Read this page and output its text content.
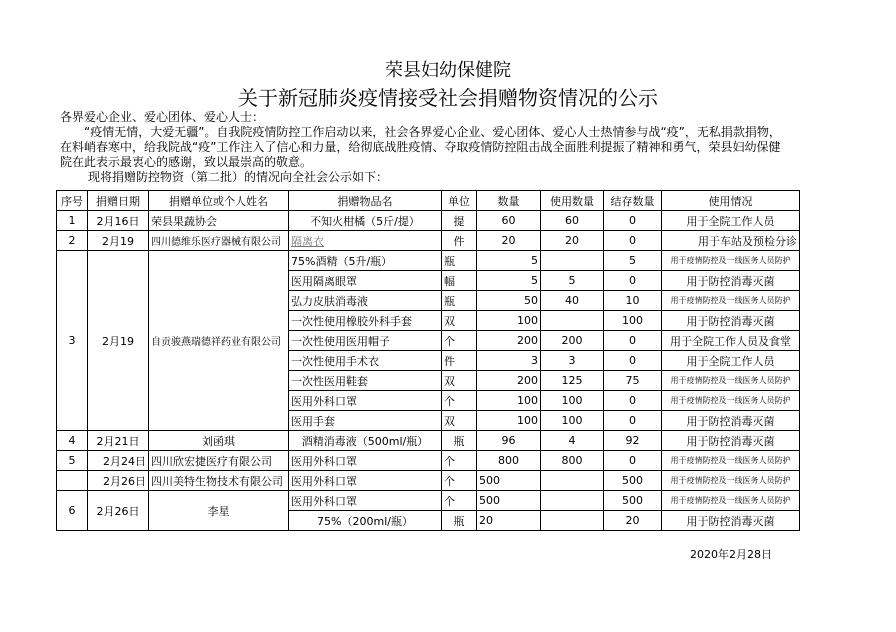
荣县妇幼保健院
关于新冠肺炎疫情接受社会捐赠物资情况的公示

各界爱心企业、爱心团体、爱心人士：

“疫情无情，大爱无疆”。自我院疫情防控工作启动以来，社会各界爱心企业、爱心团体、爱心人士热情参与战“疫”，无私捐款捐物，在料峭春寒中，给我院战“疫”工作注入了信心和力量，给彻底战胜疫情、夺取疫情防控阻击战全面胜利提振了精神和勇气，荣县妇幼保健院在此表示最衷心的感谢，致以最崇高的敬意。

现将捐赠防控物资（第二批）的情况向全社会公示如下：

序号	捐赠日期	捐赠单位或个人姓名	捐赠物品名	单位	数量	使用数量	结存数量	使用情况
1	2月16日	荣县果蔬协会	不知火柑橘（5斤/提）	提	60	60	0	用于全院工作人员
2	2月19	四川德维乐医疗器械有限公司	隔离衣	件	20	20	0	用于车站及预检分诊
3	2月19	自贡骏燕瑞德祥药业有限公司	75%酒精（5升/瓶）	瓶	5		5	用于疫情防控及一线医务人员防护
			医用隔离眼罩	幅	5	5	0	用于防控消毒灭菌
			弘力皮肤消毒液	瓶	50	40	10	用于疫情防控及一线医务人员防护
			一次性使用橡胶外科手套	双	100		100	用于防控消毒灭菌
			一次性使用医用帽子	个	200	200	0	用于全院工作人员及食堂
			一次性使用手术衣	件	3	3	0	用于全院工作人员
			一次性医用鞋套	双	200	125	75	用于疫情防控及一线医务人员防护
			医用外科口罩	个	100	100	0	用于疫情防控及一线医务人员防护
			医用手套	双	100	100	0	用于防控消毒灭菌
4	2月21日	刘函琪	酒精消毒液（500ml/瓶）	瓶	96	4	92	用于防控消毒灭菌
5	2月24日	四川欣宏捷医疗有限公司	医用外科口罩	个	800	800	0	用于疫情防控及一线医务人员防护
	2月26日	四川美特生物技术有限公司	医用外科口罩	个	500		500	用于疫情防控及一线医务人员防护
6	2月26日	李星	医用外科口罩	个	500		500	用于疫情防控及一线医务人员防护
			75%（200ml/瓶）	瓶	20		20	用于防控消毒灭菌
2020年2月28日
